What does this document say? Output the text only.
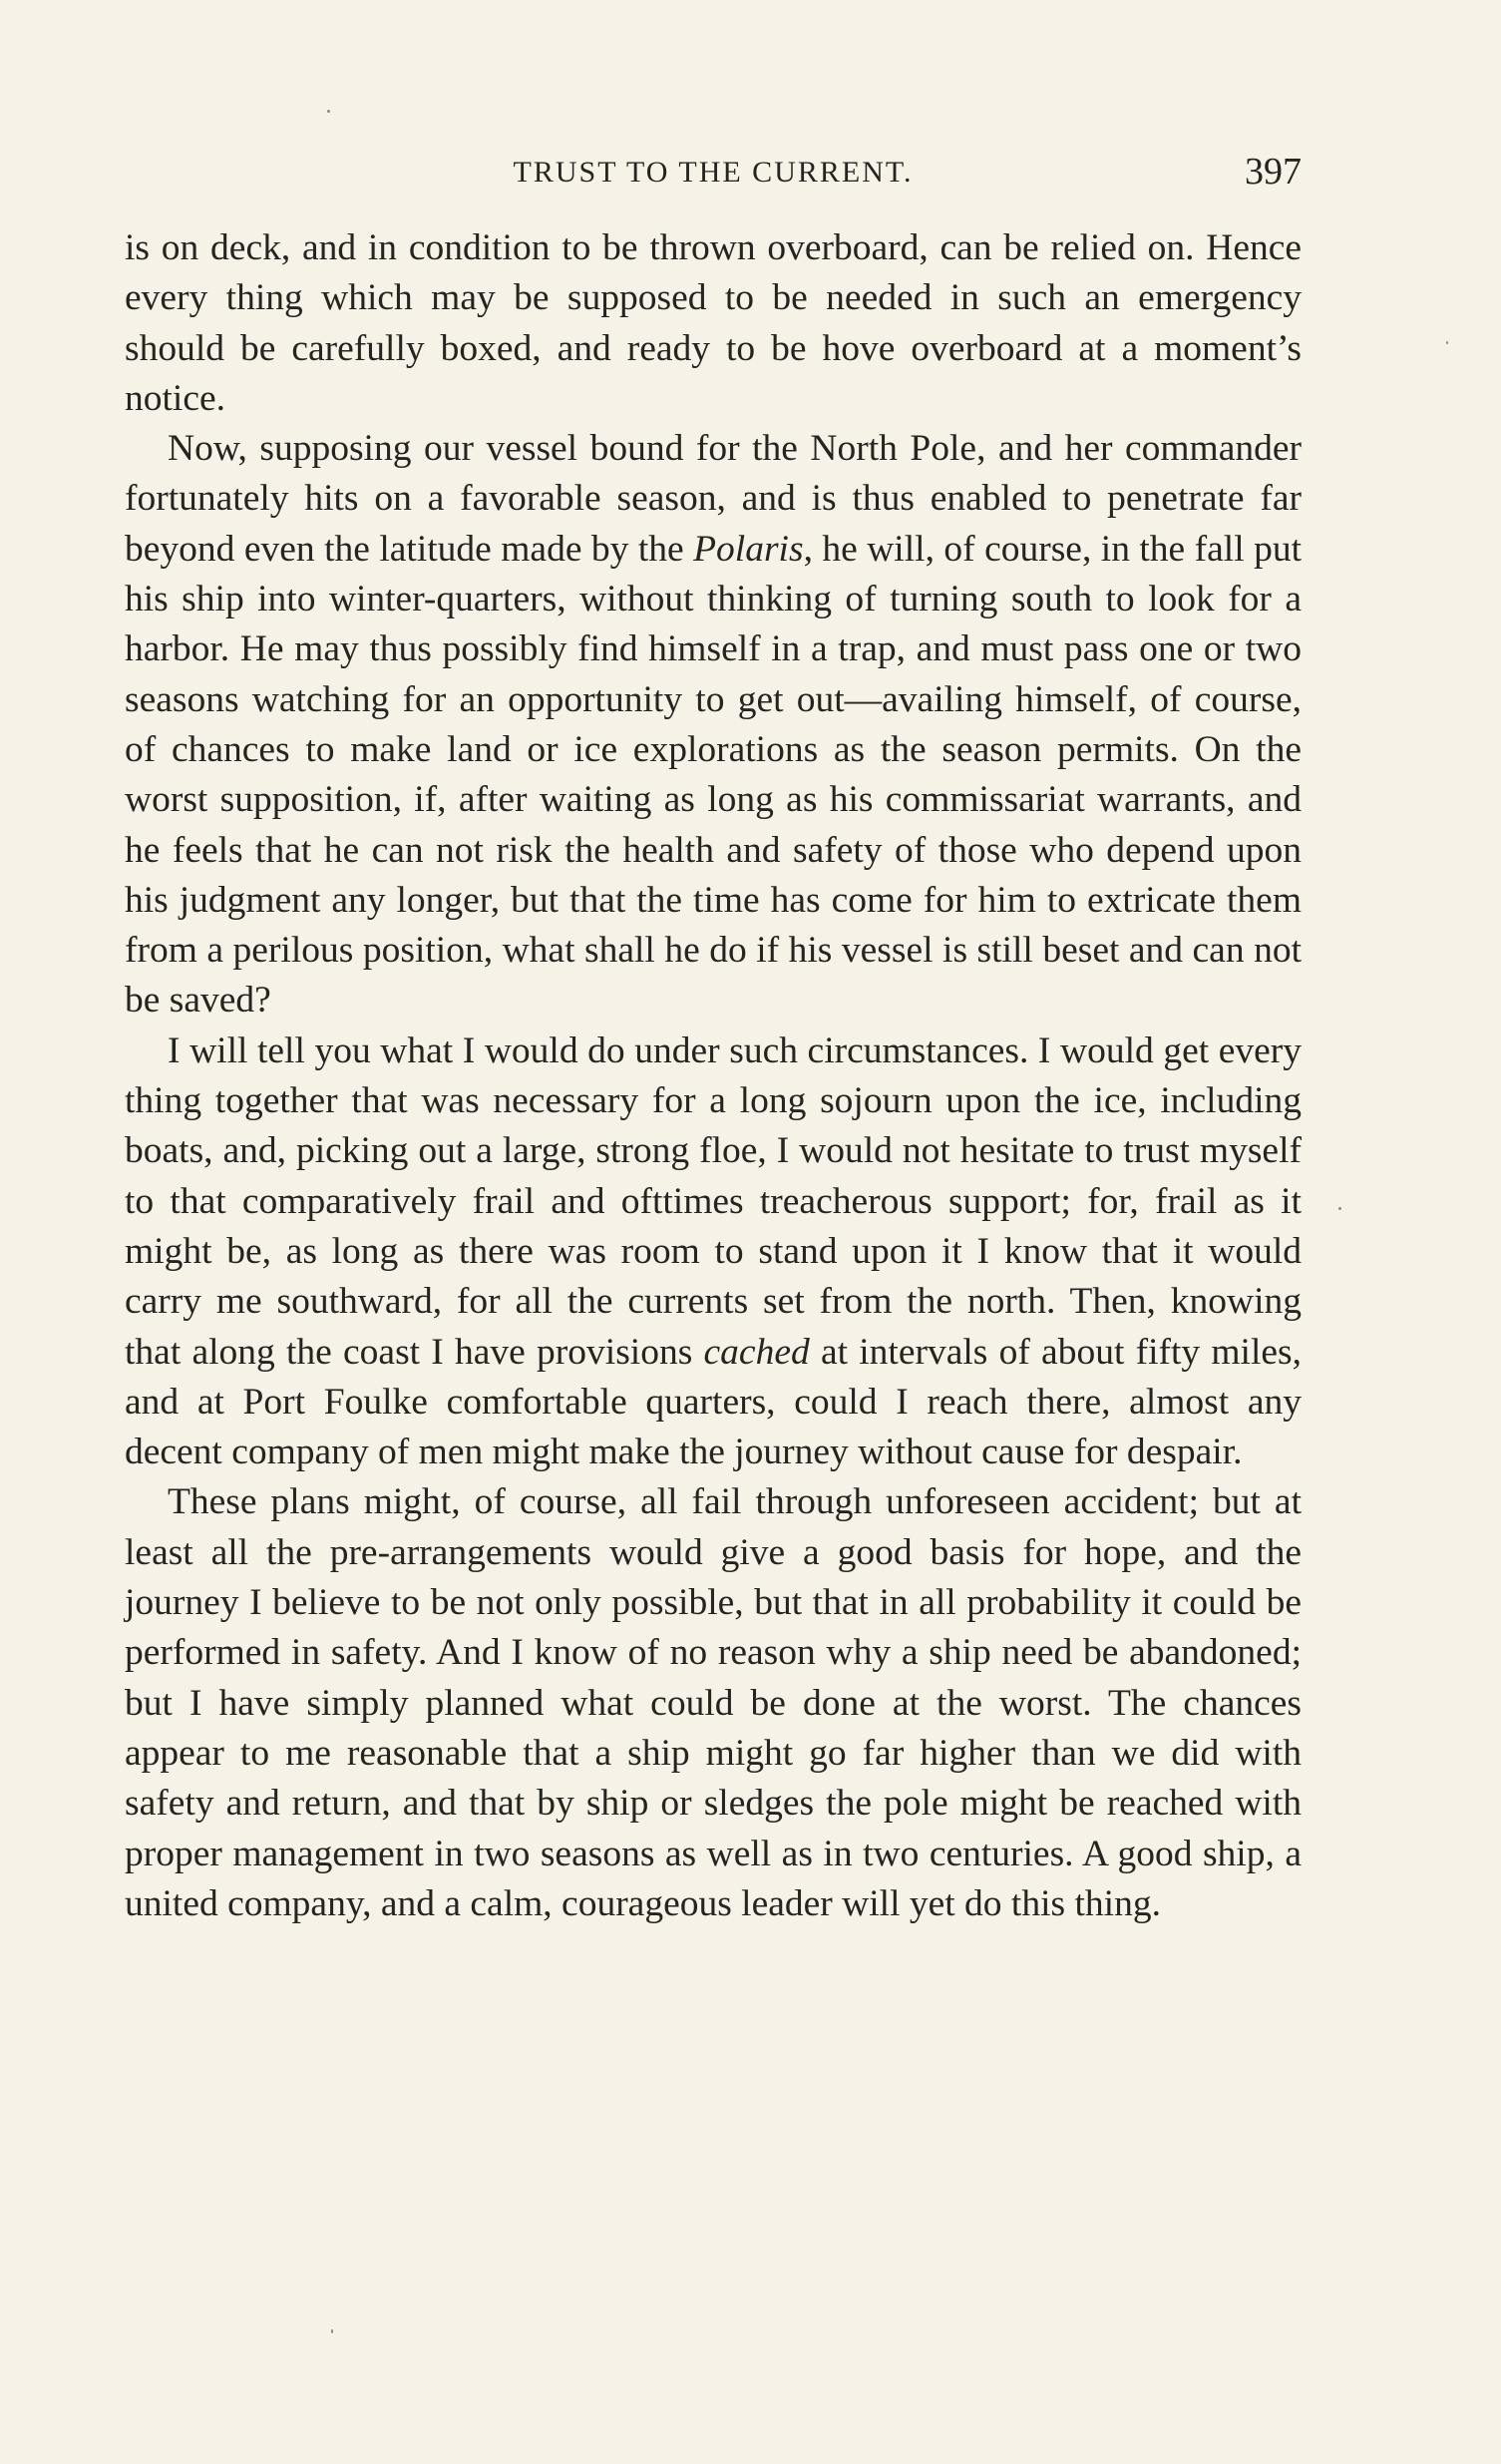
TRUST TO THE CURRENT.	397

is on deck, and in condition to be thrown overboard, can be relied on. Hence every thing which may be supposed to be needed in such an emergency should be carefully boxed, and ready to be hove overboard at a moment’s notice.

Now, supposing our vessel bound for the North Pole, and her commander fortunately hits on a favorable season, and is thus enabled to penetrate far beyond even the latitude made by the Polaris, he will, of course, in the fall put his ship into winter-quarters, without thinking of turning south to look for a harbor. He may thus possibly find himself in a trap, and must pass one or two seasons watching for an opportunity to get out—availing himself, of course, of chances to make land or ice explorations as the season permits. On the worst supposition, if, after waiting as long as his commissariat warrants, and he feels that he can not risk the health and safety of those who depend upon his judgment any longer, but that the time has come for him to extricate them from a perilous position, what shall he do if his vessel is still beset and can not be saved?

I will tell you what I would do under such circumstances. I would get every thing together that was necessary for a long sojourn upon the ice, including boats, and, picking out a large, strong floe, I would not hesitate to trust myself to that comparatively frail and ofttimes treacherous support; for, frail as it might be, as long as there was room to stand upon it I know that it would carry me southward, for all the currents set from the north. Then, knowing that along the coast I have provisions cached at intervals of about fifty miles, and at Port Foulke comfortable quarters, could I reach there, almost any decent company of men might make the journey without cause for despair.

These plans might, of course, all fail through unforeseen accident; but at least all the pre-arrangements would give a good basis for hope, and the journey I believe to be not only possible, but that in all probability it could be performed in safety. And I know of no reason why a ship need be abandoned; but I have simply planned what could be done at the worst. The chances appear to me reasonable that a ship might go far higher than we did with safety and return, and that by ship or sledges the pole might be reached with proper management in two seasons as well as in two centuries. A good ship, a united company, and a calm, courageous leader will yet do this thing.
